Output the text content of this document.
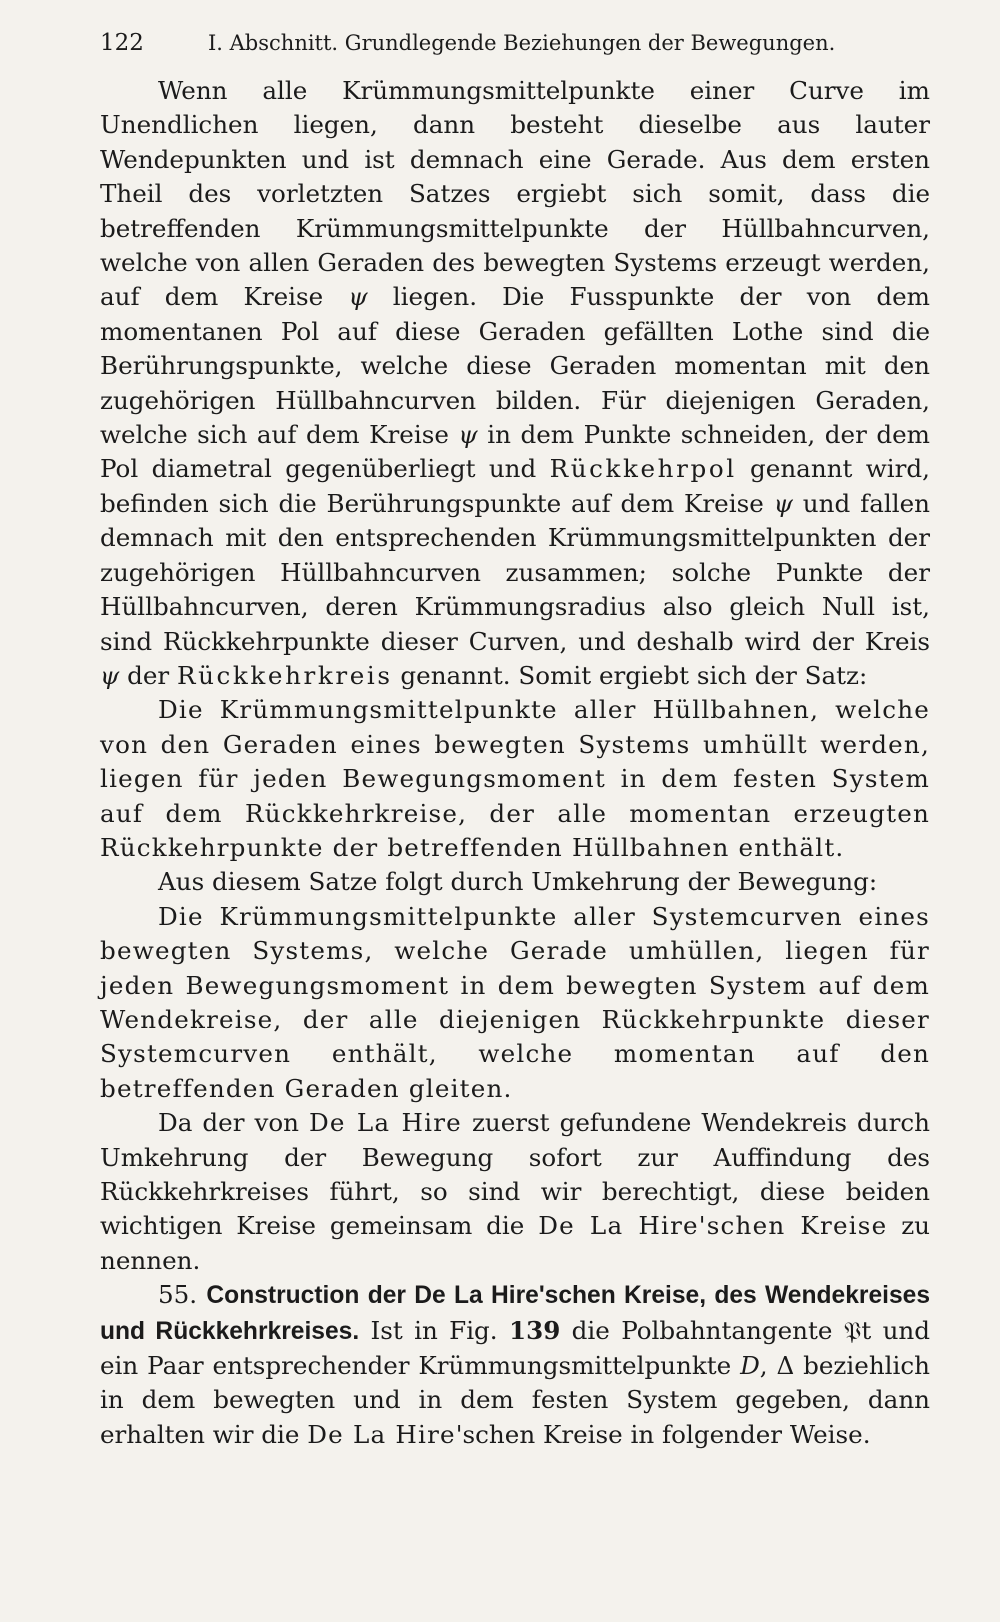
122	I. Abschnitt. Grundlegende Beziehungen der Bewegungen.

Wenn alle Krümmungsmittelpunkte einer Curve im Unendlichen liegen, dann besteht dieselbe aus lauter Wendepunkten und ist demnach eine Gerade. Aus dem ersten Theil des vorletzten Satzes ergiebt sich somit, dass die betreffenden Krümmungsmittelpunkte der Hüllbahncurven, welche von allen Geraden des bewegten Systems erzeugt werden, auf dem Kreise ψ liegen. Die Fusspunkte der von dem momentanen Pol auf diese Geraden gefällten Lothe sind die Berührungspunkte, welche diese Geraden momentan mit den zugehörigen Hüllbahncurven bilden. Für diejenigen Geraden, welche sich auf dem Kreise ψ in dem Punkte schneiden, der dem Pol diametral gegenüberliegt und Rückkehrpol genannt wird, befinden sich die Berührungspunkte auf dem Kreise ψ und fallen demnach mit den entsprechenden Krümmungsmittelpunkten der zugehörigen Hüllbahncurven zusammen; solche Punkte der Hüllbahncurven, deren Krümmungsradius also gleich Null ist, sind Rückkehrpunkte dieser Curven, und deshalb wird der Kreis ψ der Rückkehrkreis genannt. Somit ergiebt sich der Satz:

Die Krümmungsmittelpunkte aller Hüllbahnen, welche von den Geraden eines bewegten Systems umhüllt werden, liegen für jeden Bewegungsmoment in dem festen System auf dem Rückkehrkreise, der alle momentan erzeugten Rückkehrpunkte der betreffenden Hüllbahnen enthält.

Aus diesem Satze folgt durch Umkehrung der Bewegung:

Die Krümmungsmittelpunkte aller Systemcurven eines bewegten Systems, welche Gerade umhüllen, liegen für jeden Bewegungsmoment in dem bewegten System auf dem Wendekreise, der alle diejenigen Rückkehrpunkte dieser Systemcurven enthält, welche momentan auf den betreffenden Geraden gleiten.

Da der von De La Hire zuerst gefundene Wendekreis durch Umkehrung der Bewegung sofort zur Auffindung des Rückkehrkreises führt, so sind wir berechtigt, diese beiden wichtigen Kreise gemeinsam die De La Hire'schen Kreise zu nennen.

55. Construction der De La Hire'schen Kreise, des Wendekreises und Rückkehrkreises. Ist in Fig. 139 die Polbahntangente 𝔓t und ein Paar entsprechender Krümmungsmittelpunkte D, Δ beziehlich in dem bewegten und in dem festen System gegeben, dann erhalten wir die De La Hire'schen Kreise in folgender Weise.
